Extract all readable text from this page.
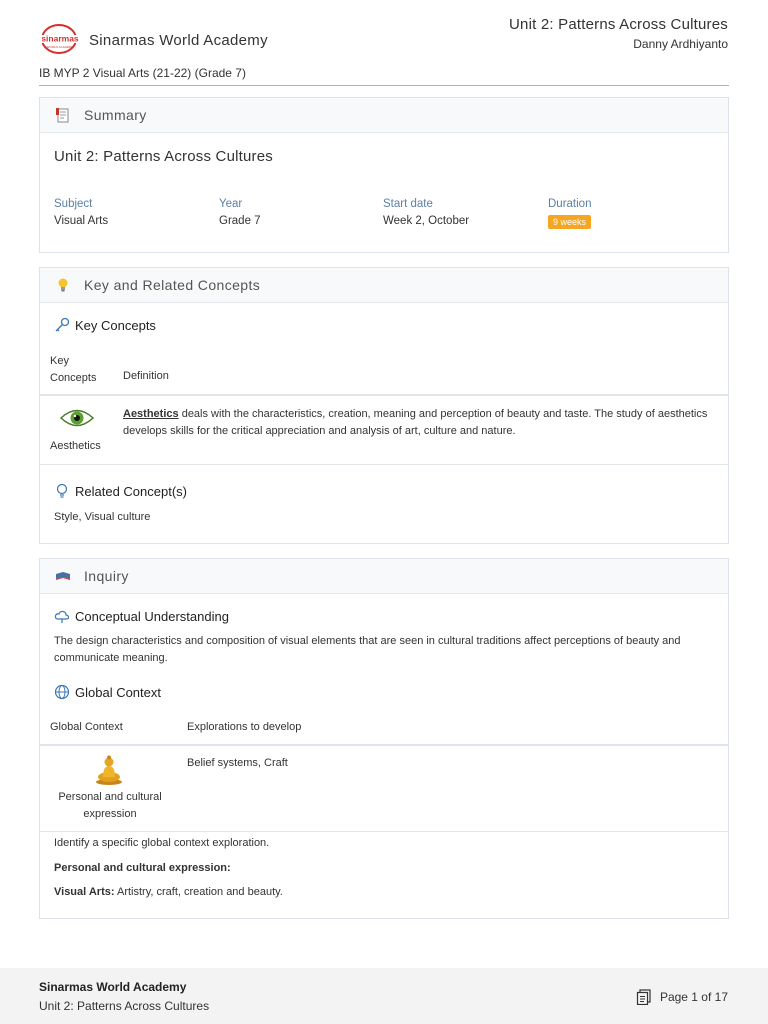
sinarmas
WORLD ACADEMY Sinarmas World Academy
Unit 2: Patterns Across Cultures
Danny Ardhiyanto
IB MYP 2 Visual Arts (21-22) (Grade 7)
Summary
Unit 2: Patterns Across Cultures
Subject
Visual Arts
Year
Grade 7
Start date
Week 2, October
Duration
9 weeks
Key and Related Concepts
Key Concepts
Key
Concepts Definition
Aesthetics
Aesthetics deals with the characteristics, creation, meaning and perception of beauty and taste. The study of aesthetics develops skills for the critical appreciation and analysis of art, culture and nature.
Related Concept(s)
Style, Visual culture
Inquiry
Conceptual Understanding
The design characteristics and composition of visual elements that are seen in cultural traditions affect perceptions of beauty and communicate meaning.
Global Context
Global Context	Explorations to develop
Personal and cultural expression
Belief systems, Craft
Identify a specific global context exploration.
Personal and cultural expression:
Visual Arts: Artistry, craft, creation and beauty.
Sinarmas World Academy
Unit 2: Patterns Across Cultures
Page 1 of 17
